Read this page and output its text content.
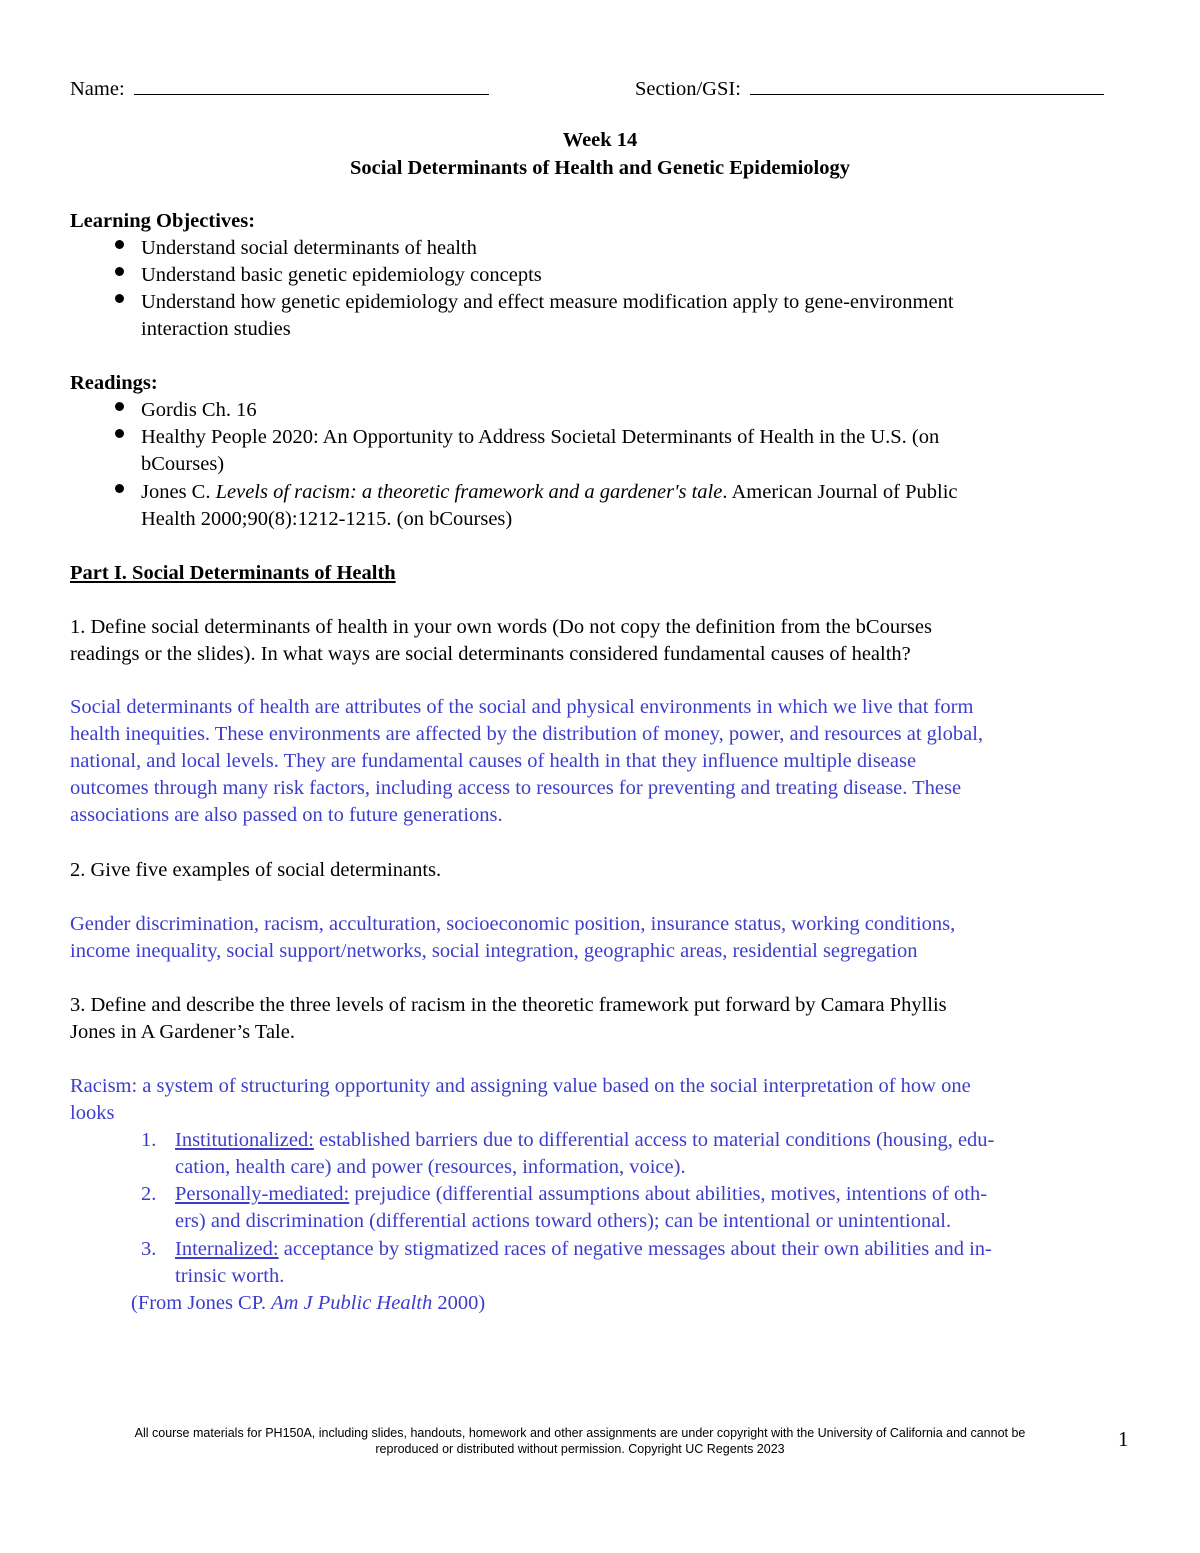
Name:	Section/GSI:
Week 14
Social Determinants of Health and Genetic Epidemiology
Learning Objectives:
Understand social determinants of health
Understand basic genetic epidemiology concepts
Understand how genetic epidemiology and effect measure modification apply to gene-environment
interaction studies
Readings:
Gordis Ch. 16
Healthy People 2020: An Opportunity to Address Societal Determinants of Health in the U.S. (on
bCourses)
Jones C. Levels of racism: a theoretic framework and a gardener's tale. American Journal of Public
Health 2000;90(8):1212-1215. (on bCourses)
Part I. Social Determinants of Health
1. Define social determinants of health in your own words (Do not copy the definition from the bCourses
readings or the slides). In what ways are social determinants considered fundamental causes of health?
Social determinants of health are attributes of the social and physical environments in which we live that form
health inequities. These environments are affected by the distribution of money, power, and resources at global,
national, and local levels. They are fundamental causes of health in that they influence multiple disease
outcomes through many risk factors, including access to resources for preventing and treating disease. These
associations are also passed on to future generations.
2. Give five examples of social determinants.
Gender discrimination, racism, acculturation, socioeconomic position, insurance status, working conditions,
income inequality, social support/networks, social integration, geographic areas, residential segregation
3. Define and describe the three levels of racism in the theoretic framework put forward by Camara Phyllis
Jones in A Gardener’s Tale.
Racism: a system of structuring opportunity and assigning value based on the social interpretation of how one
looks
1. Institutionalized: established barriers due to differential access to material conditions (housing, edu-
cation, health care) and power (resources, information, voice).
2. Personally-mediated: prejudice (differential assumptions about abilities, motives, intentions of oth-
ers) and discrimination (differential actions toward others); can be intentional or unintentional.
3. Internalized: acceptance by stigmatized races of negative messages about their own abilities and in-
trinsic worth.
(From Jones CP. Am J Public Health 2000)
All course materials for PH150A, including slides, handouts, homework and other assignments are under copyright with the University of California and cannot be
reproduced or distributed without permission. Copyright UC Regents 2023	1
